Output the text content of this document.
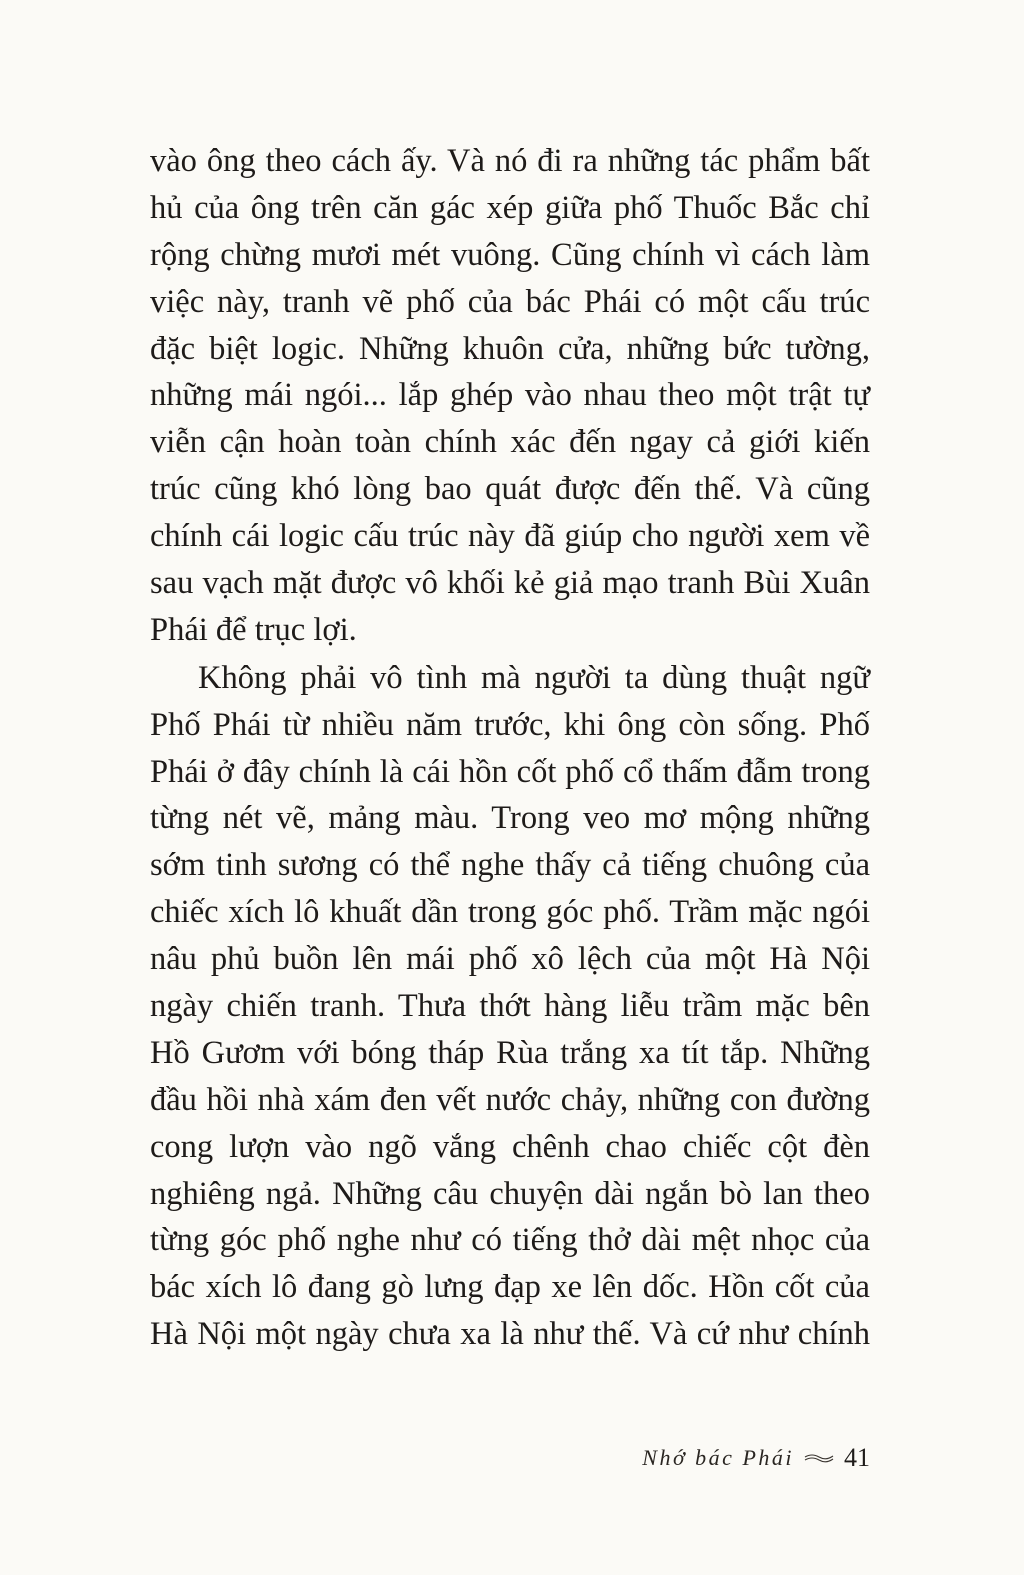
vào ông theo cách ấy. Và nó đi ra những tác phẩm bất
hủ của ông trên căn gác xép giữa phố Thuốc Bắc chỉ
rộng chừng mươi mét vuông. Cũng chính vì cách làm
việc này, tranh vẽ phố của bác Phái có một cấu trúc
đặc biệt logic. Những khuôn cửa, những bức tường,
những mái ngói... lắp ghép vào nhau theo một trật tự
viễn cận hoàn toàn chính xác đến ngay cả giới kiến
trúc cũng khó lòng bao quát được đến thế. Và cũng
chính cái logic cấu trúc này đã giúp cho người xem về
sau vạch mặt được vô khối kẻ giả mạo tranh Bùi Xuân
Phái để trục lợi.
Không phải vô tình mà người ta dùng thuật ngữ
Phố Phái từ nhiều năm trước, khi ông còn sống. Phố
Phái ở đây chính là cái hồn cốt phố cổ thấm đẫm trong
từng nét vẽ, mảng màu. Trong veo mơ mộng những
sớm tinh sương có thể nghe thấy cả tiếng chuông của
chiếc xích lô khuất dần trong góc phố. Trầm mặc ngói
nâu phủ buồn lên mái phố xô lệch của một Hà Nội
ngày chiến tranh. Thưa thớt hàng liễu trầm mặc bên
Hồ Gươm với bóng tháp Rùa trắng xa tít tắp. Những
đầu hồi nhà xám đen vết nước chảy, những con đường
cong lượn vào ngõ vắng chênh chao chiếc cột đèn
nghiêng ngả. Những câu chuyện dài ngắn bò lan theo
từng góc phố nghe như có tiếng thở dài mệt nhọc của
bác xích lô đang gò lưng đạp xe lên dốc. Hồn cốt của
Hà Nội một ngày chưa xa là như thế. Và cứ như chính
Nhớ bác Phái 41
